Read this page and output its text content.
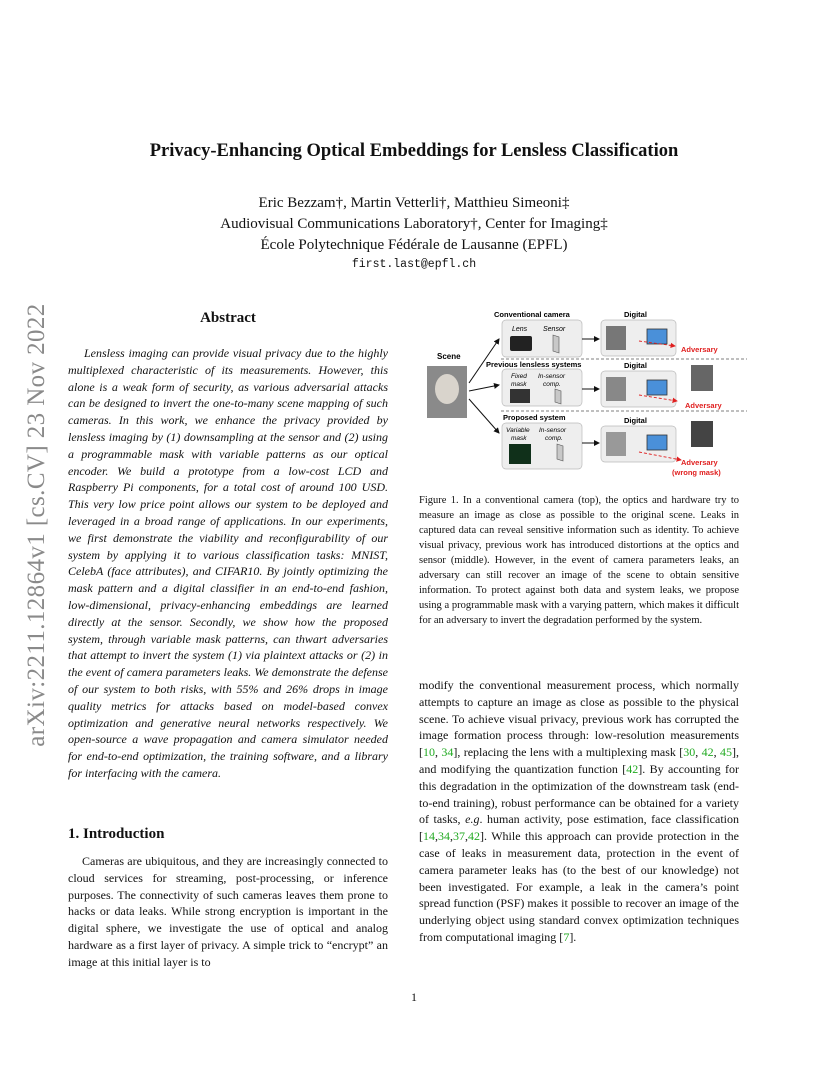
arXiv:2211.12864v1 [cs.CV] 23 Nov 2022
Privacy-Enhancing Optical Embeddings for Lensless Classification
Eric Bezzam†, Martin Vetterli†, Matthieu Simeoni‡
Audiovisual Communications Laboratory†, Center for Imaging‡
École Polytechnique Fédérale de Lausanne (EPFL)
first.last@epfl.ch
Abstract

Lensless imaging can provide visual privacy due to the highly multiplexed characteristic of its measurements. However, this alone is a weak form of security, as various adversarial attacks can be designed to invert the one-to-many scene mapping of such cameras. In this work, we enhance the privacy provided by lensless imaging by (1) downsampling at the sensor and (2) using a programmable mask with variable patterns as our optical encoder. We build a prototype from a low-cost LCD and Raspberry Pi components, for a total cost of around 100 USD. This very low price point allows our system to be deployed and leveraged in a broad range of applications. In our experiments, we first demonstrate the viability and reconfigurability of our system by applying it to various classification tasks: MNIST, CelebA (face attributes), and CIFAR10. By jointly optimizing the mask pattern and a digital classifier in an end-to-end fashion, low-dimensional, privacy-enhancing embeddings are learned directly at the sensor. Secondly, we show how the proposed system, through variable mask patterns, can thwart adversaries that attempt to invert the system (1) via plaintext attacks or (2) in the event of camera parameters leaks. We demonstrate the defense of our system to both risks, with 55% and 26% drops in image quality metrics for attacks based on model-based convex optimization and generative neural networks respectively. We open-source a wave propagation and camera simulator needed for end-to-end optimization, the training software, and a library for interfacing with the camera.

1. Introduction

Cameras are ubiquitous, and they are increasingly connected to cloud services for streaming, post-processing, or inference purposes. The connectivity of such cameras leaves them prone to hacks or data leaks. While strong encryption is important in the digital sphere, we investigate the use of optical and analog hardware as a first layer of privacy. A simple trick to “encrypt” an image at this initial layer is to

Scene
Conventional camera
Lens Sensor
Digital
Adversary
Previous lensless systems
Fixed
mask
In-sensor
comp.
Digital
Adversary
Proposed system
Variable
mask
In-sensor
comp.
Digital
Adversary
(wrong mask)

Figure 1. In a conventional camera (top), the optics and hardware try to measure an image as close as possible to the original scene. Leaks in captured data can reveal sensitive information such as identity. To achieve visual privacy, previous work has introduced distortions at the optics and sensor (middle). However, in the event of camera parameters leaks, an adversary can still recover an image of the scene to obtain sensitive information. To protect against both data and system leaks, we propose using a programmable mask with a varying pattern, which makes it difficult for an adversary to invert the degradation performed by the system.

modify the conventional measurement process, which normally attempts to capture an image as close as possible to the physical scene. To achieve visual privacy, previous work has corrupted the image formation process through: low-resolution measurements [10, 34], replacing the lens with a multiplexing mask [30, 42, 45], and modifying the quantization function [42]. By accounting for this degradation in the optimization of the downstream task (end-to-end training), robust performance can be obtained for a variety of tasks, e.g. human activity, pose estimation, face classification [14,34,37,42]. While this approach can provide protection in the case of leaks in measurement data, protection in the event of camera parameter leaks has (to the best of our knowledge) not been investigated. For example, a leak in the camera’s point spread function (PSF) makes it possible to recover an image of the underlying object using standard convex optimization techniques from computational imaging [7].

1
